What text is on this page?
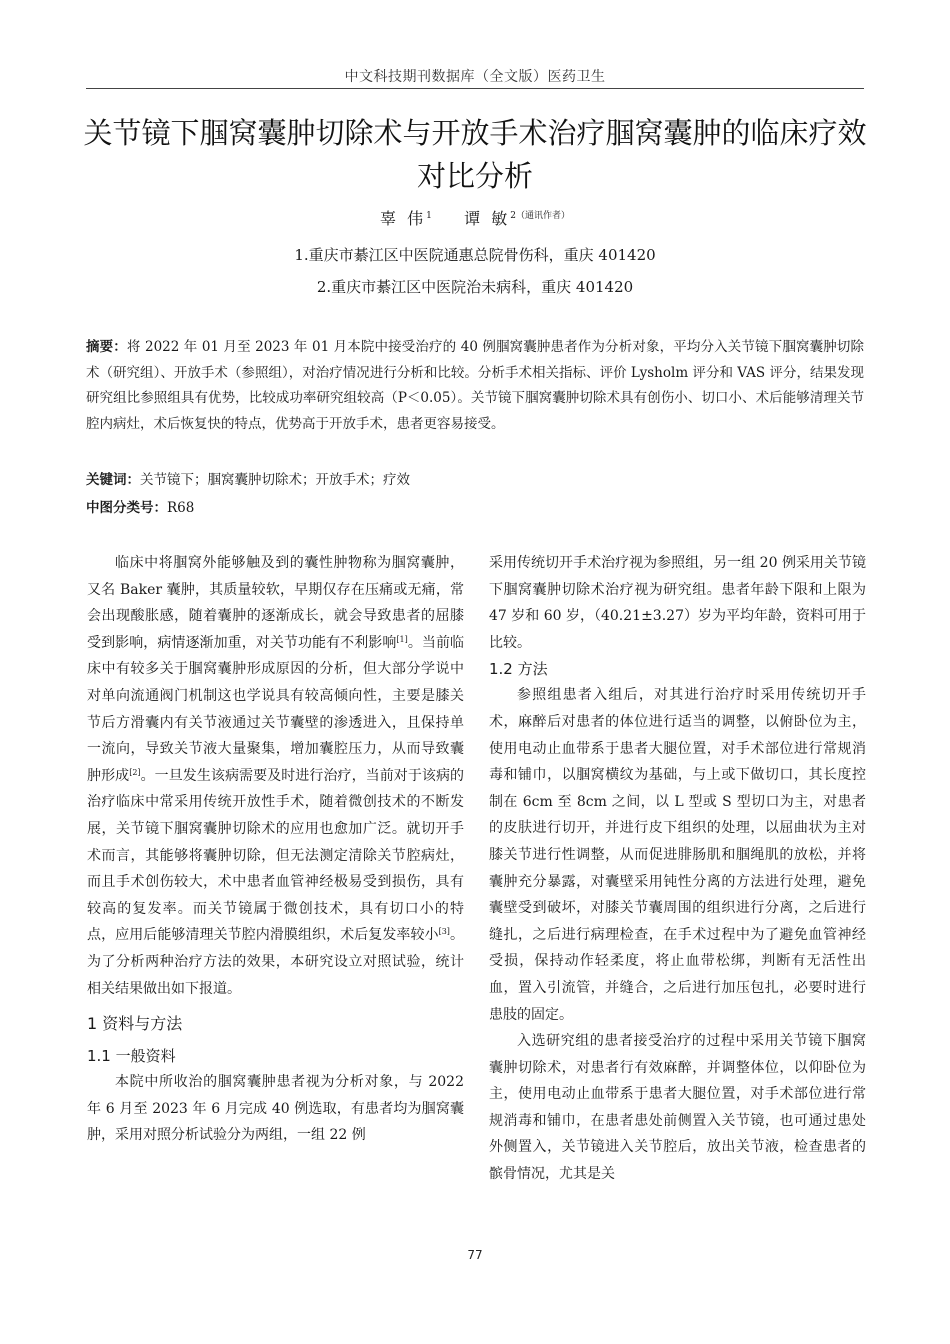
中文科技期刊数据库（全文版）医药卫生
关节镜下腘窝囊肿切除术与开放手术治疗腘窝囊肿的临床疗效对比分析
辜 伟$^1$ 谭 敏$^{2(通讯作者)}$
1.重庆市綦江区中医院通惠总院骨伤科，重庆 401420
2.重庆市綦江区中医院治未病科，重庆 401420

摘要：将 2022 年 01 月至 2023 年 01 月本院中接受治疗的 40 例腘窝囊肿患者作为分析对象，平均分入关节镜下腘窝囊肿切除术（研究组）、开放手术（参照组），对治疗情况进行分析和比较。分析手术相关指标、评价 Lysholm 评分和 VAS 评分，结果发现研究组比参照组具有优势，比较成功率研究组较高（P＜0.05）。关节镜下腘窝囊肿切除术具有创伤小、切口小、术后能够清理关节腔内病灶，术后恢复快的特点，优势高于开放手术，患者更容易接受。

关键词：关节镜下；腘窝囊肿切除术；开放手术；疗效

中图分类号：R68

临床中将腘窝外能够触及到的囊性肿物称为腘窝囊肿，又名 Baker 囊肿，其质量较软，早期仅存在压痛或无痛，常会出现酸胀感，随着囊肿的逐渐成长，就会导致患者的屈膝受到影响，病情逐渐加重，对关节功能有不利影响[1]。当前临床中有较多关于腘窝囊肿形成原因的分析，但大部分学说中对单向流通阀门机制这也学说具有较高倾向性，主要是膝关节后方滑囊内有关节液通过关节囊壁的渗透进入，且保持单一流向，导致关节液大量聚集，增加囊腔压力，从而导致囊肿形成[2]。一旦发生该病需要及时进行治疗，当前对于该病的治疗临床中常采用传统开放性手术，随着微创技术的不断发展，关节镜下腘窝囊肿切除术的应用也愈加广泛。就切开手术而言，其能够将囊肿切除，但无法测定清除关节腔病灶，而且手术创伤较大，术中患者血管神经极易受到损伤，具有较高的复发率。而关节镜属于微创技术，具有切口小的特点，应用后能够清理关节腔内滑膜组织，术后复发率较小[3]。为了分析两种治疗方法的效果，本研究设立对照试验，统计相关结果做出如下报道。

1 资料与方法
1.1 一般资料

本院中所收治的腘窝囊肿患者视为分析对象，与 2022 年 6 月至 2023 年 6 月完成 40 例选取，有患者均为腘窝囊肿，采用对照分析试验分为两组，一组 22 例

采用传统切开手术治疗视为参照组，另一组 20 例采用关节镜下腘窝囊肿切除术治疗视为研究组。患者年龄下限和上限为 47 岁和 60 岁，（40.21±3.27）岁为平均年龄，资料可用于比较。

1.2 方法

参照组患者入组后，对其进行治疗时采用传统切开手术，麻醉后对患者的体位进行适当的调整，以俯卧位为主，使用电动止血带系于患者大腿位置，对手术部位进行常规消毒和铺巾，以腘窝横纹为基础，与上或下做切口，其长度控制在 6cm 至 8cm 之间，以 L 型或 S 型切口为主，对患者的皮肤进行切开，并进行皮下组织的处理，以屈曲状为主对膝关节进行性调整，从而促进腓肠肌和腘绳肌的放松，并将囊肿充分暴露，对囊壁采用钝性分离的方法进行处理，避免囊壁受到破坏，对膝关节囊周围的组织进行分离，之后进行缝扎，之后进行病理检查，在手术过程中为了避免血管神经受损，保持动作轻柔度，将止血带松绑，判断有无活性出血，置入引流管，并缝合，之后进行加压包扎，必要时进行患肢的固定。

入选研究组的患者接受治疗的过程中采用关节镜下腘窝囊肿切除术，对患者行有效麻醉，并调整体位，以仰卧位为主，使用电动止血带系于患者大腿位置，对手术部位进行常规消毒和铺巾，在患者患处前侧置入关节镜，也可通过患处外侧置入，关节镜进入关节腔后，放出关节液，检查患者的髌骨情况，尤其是关

77
